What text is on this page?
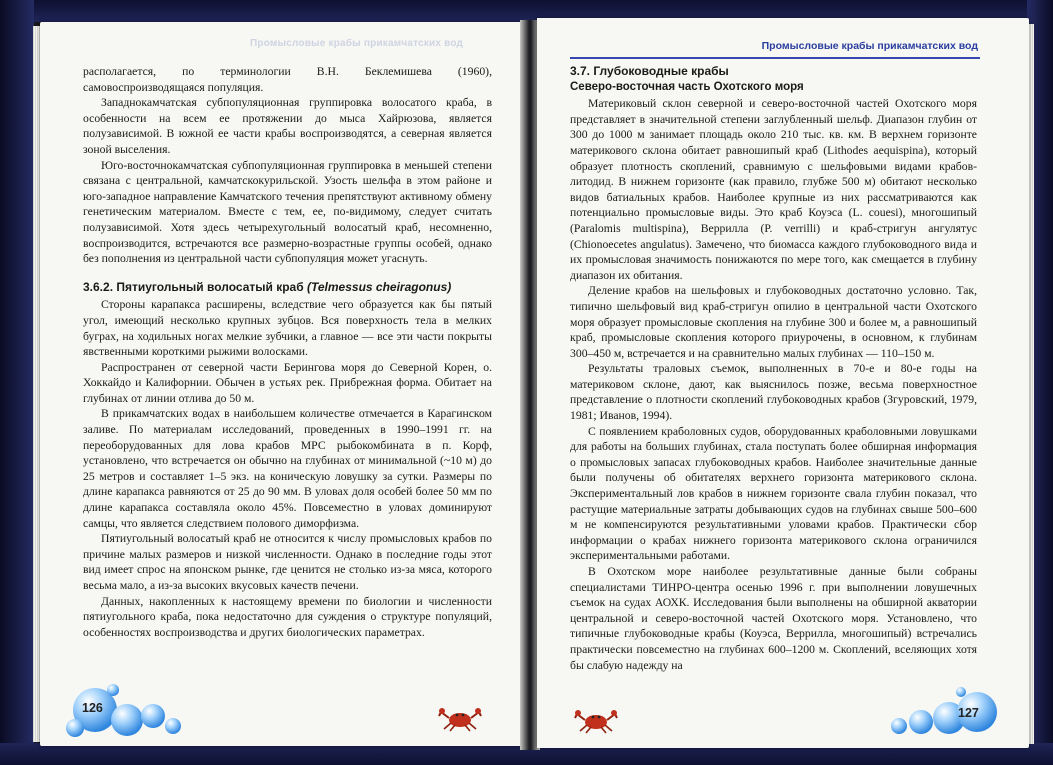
Промысловые крабы прикамчатских вод

располагается, по терминологии В.Н. Беклемишева (1960), самовоспроизводящаяся популяция.

Западнокамчатская субпопуляционная группировка волосатого краба, в особенности на всем ее протяжении до мыса Хайрюзова, является полузависимой. В южной ее части крабы воспроизводятся, а северная является зоной выселения.

Юго-восточнокамчатская субпопуляционная группировка в меньшей степени связана с центральной, камчатскокурильской. Узость шельфа в этом районе и юго-западное направление Камчатского течения препятствуют активному обмену генетическим материалом. Вместе с тем, ее, по-видимому, следует считать полузависимой. Хотя здесь четырехугольный волосатый краб, несомненно, воспроизводится, встречаются все размерно-возрастные группы особей, однако без пополнения из центральной части субпопуляция может угаснуть.

3.6.2. Пятиугольный волосатый краб (Telmessus cheiragonus)

Стороны карапакса расширены, вследствие чего образуется как бы пятый угол, имеющий несколько крупных зубцов. Вся поверхность тела в мелких буграх, на ходильных ногах мелкие зубчики, а главное — все эти части покрыты явственными короткими рыжими волосками.

Распространен от северной части Берингова моря до Северной Корен, о. Хоккайдо и Калифорнии. Обычен в устьях рек. Прибрежная форма. Обитает на глубинах от линии отлива до 50 м.

В прикамчатских водах в наибольшем количестве отмечается в Карагинском заливе. По материалам исследований, проведенных в 1990–1991 гг. на переоборудованных для лова крабов МРС рыбокомбината в п. Корф, установлено, что встречается он обычно на глубинах от минимальной (~10 м) до 25 метров и составляет 1–5 экз. на коническую ловушку за сутки. Размеры по длине карапакса равняются от 25 до 90 мм. В уловах доля особей более 50 мм по длине карапакса составляла около 45%. Повсеместно в уловах доминируют самцы, что является следствием полового диморфизма.

Пятиугольный волосатый краб не относится к числу промысловых крабов по причине малых размеров и низкой численности. Однако в последние годы этот вид имеет спрос на японском рынке, где ценится не столько из-за мяса, которого весьма мало, а из-за высоких вкусовых качеств печени.

Данных, накопленных к настоящему времени по биологии и численности пятиугольного краба, пока недостаточно для суждения о структуре популяций, особенностях воспроизводства и других биологических параметрах.

126
Промысловые крабы прикамчатских вод
3.7. Глубоководные крабы
Северо-восточная часть Охотского моря

Материковый склон северной и северо-восточной частей Охотского моря представляет в значительной степени заглубленный шельф. Диапазон глубин от 300 до 1000 м занимает площадь около 210 тыс. кв. км. В верхнем горизонте материкового склона обитает равношипый краб (Lithodes aequispina), который образует плотность скоплений, сравнимую с шельфовыми видами крабов-литодид. В нижнем горизонте (как правило, глубже 500 м) обитают несколько видов батиальных крабов. Наиболее крупные из них рассматриваются как потенциально промысловые виды. Это краб Коуэса (L. couesi), многошипый (Paralomis multispina), Веррилла (P. verrilli) и краб-стригун ангулятус (Chionoecetes angulatus). Замечено, что биомасса каждого глубоководного вида и их промысловая значимость понижаются по мере того, как смещается в глубину диапазон их обитания.

Деление крабов на шельфовых и глубоководных достаточно условно. Так, типично шельфовый вид краб-стригун опилио в центральной части Охотского моря образует промысловые скопления на глубине 300 и более м, а равношипый краб, промысловые скопления которого приурочены, в основном, к глубинам 300–450 м, встречается и на сравнительно малых глубинах — 110–150 м.

Результаты траловых съемок, выполненных в 70-е и 80-е годы на материковом склоне, дают, как выяснилось позже, весьма поверхностное представление о плотности скоплений глубоководных крабов (Згуровский, 1979, 1981; Иванов, 1994).

С появлением краболовных судов, оборудованных краболовными ловушками для работы на больших глубинах, стала поступать более обширная информация о промысловых запасах глубоководных крабов. Наиболее значительные данные были получены об обитателях верхнего горизонта материкового склона. Экспериментальный лов крабов в нижнем горизонте свала глубин показал, что растущие материальные затраты добывающих судов на глубинах свыше 500–600 м не компенсируются результативными уловами крабов. Практически сбор информации о крабах нижнего горизонта материкового склона ограничился экспериментальными работами.

В Охотском море наиболее результативные данные были собраны специалистами ТИНРО-центра осенью 1996 г. при выполнении ловушечных съемок на судах АОХК. Исследования были выполнены на обширной акватории центральной и северо-восточной частей Охотского моря. Установлено, что типичные глубоководные крабы (Коуэса, Веррилла, многошипый) встречались практически повсеместно на глубинах 600–1200 м. Скоплений, вселяющих хотя бы слабую надежду на

127
